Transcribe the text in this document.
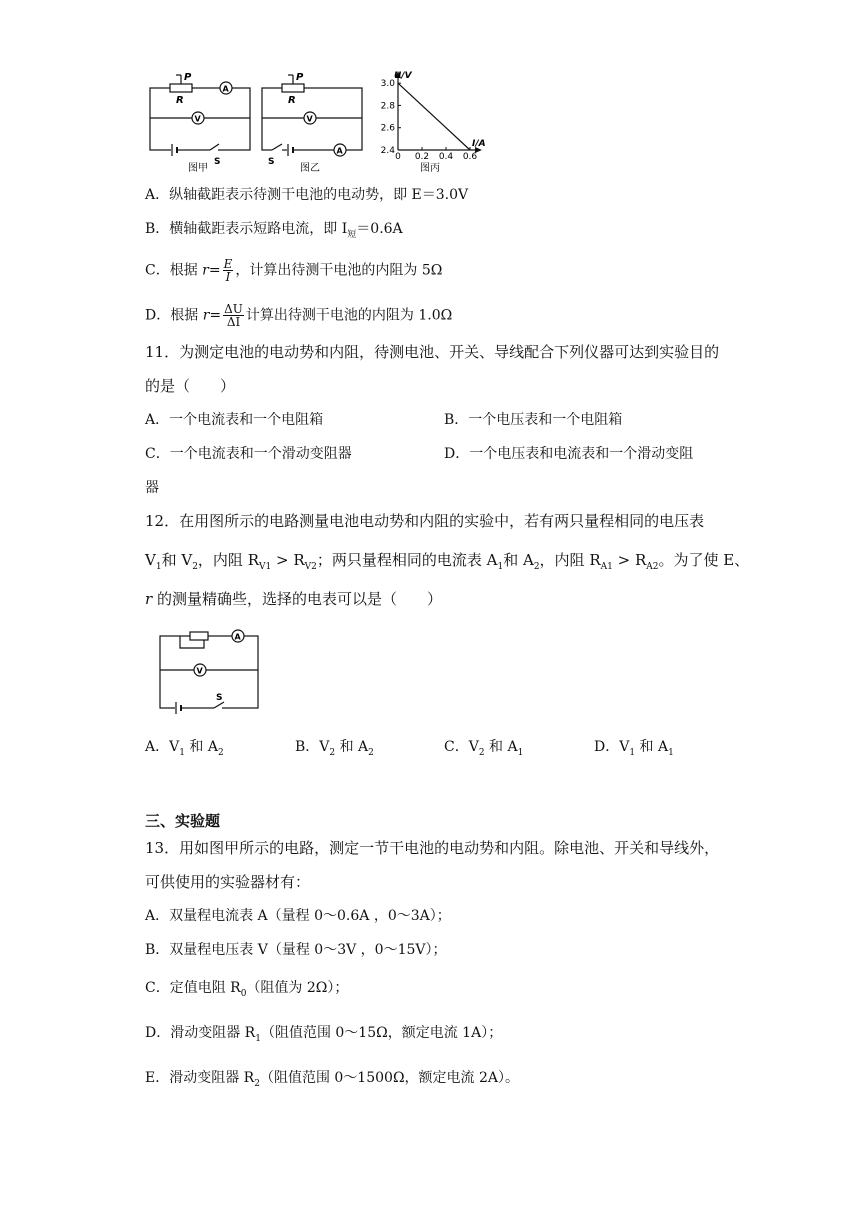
P
R
A
V
S
图甲
P
R
A
V
S
图乙
3.0
2.8
2.6
2.4
0 0.2 0.4 0.6
U/V
I/A
图丙
A．纵轴截距表示待测干电池的电动势，即 E＝3.0V
B．横轴截距表示短路电流，即 $I_短=0.6A$
C．根据 $r= \frac{E}{I}$ ，计算出待测干电池的内阻为 5Ω
D．根据 $r= \frac{\Delta U}{\Delta I}$ 计算出待测干电池的内阻为 1.0Ω
11．为测定电池的电动势和内阻，待测电池、开关、导线配合下列仪器可达到实验目的
的是（　　）
A．一个电流表和一个电阻箱	B．一个电压表和一个电阻箱
C．一个电流表和一个滑动变阻器	D．一个电压表和电流表和一个滑动变阻
器
12．在用图所示的电路测量电池电动势和内阻的实验中，若有两只量程相同的电压表
$V_1$和 $V_2$，内阻 $R_{V1} > R_{V2}$；两只量程相同的电流表 $A_1$和 $A_2$，内阻 $R_{A1} > R_{A2}$。为了使 E、
r 的测量精确些，选择的电表可以是（　　）
A
V
S
A．$V_1$ 和 $A_2$	B．$V_2$ 和 $A_2$	C．$V_2$ 和 $A_1$	D．$V_1$ 和 $A_1$
三、实验题
13．用如图甲所示的电路，测定一节干电池的电动势和内阻。除电池、开关和导线外，
可供使用的实验器材有：
A．双量程电流表 A（量程 0～0.6A ，0～3A）；
B．双量程电压表 V（量程 0～3V ，0～15V）；
C．定值电阻 $R_0$（阻值为 2Ω）；
D．滑动变阻器 $R_1$（阻值范围 0～15Ω，额定电流 1A）；
E．滑动变阻器 $R_2$（阻值范围 0～1500Ω，额定电流 2A）。
